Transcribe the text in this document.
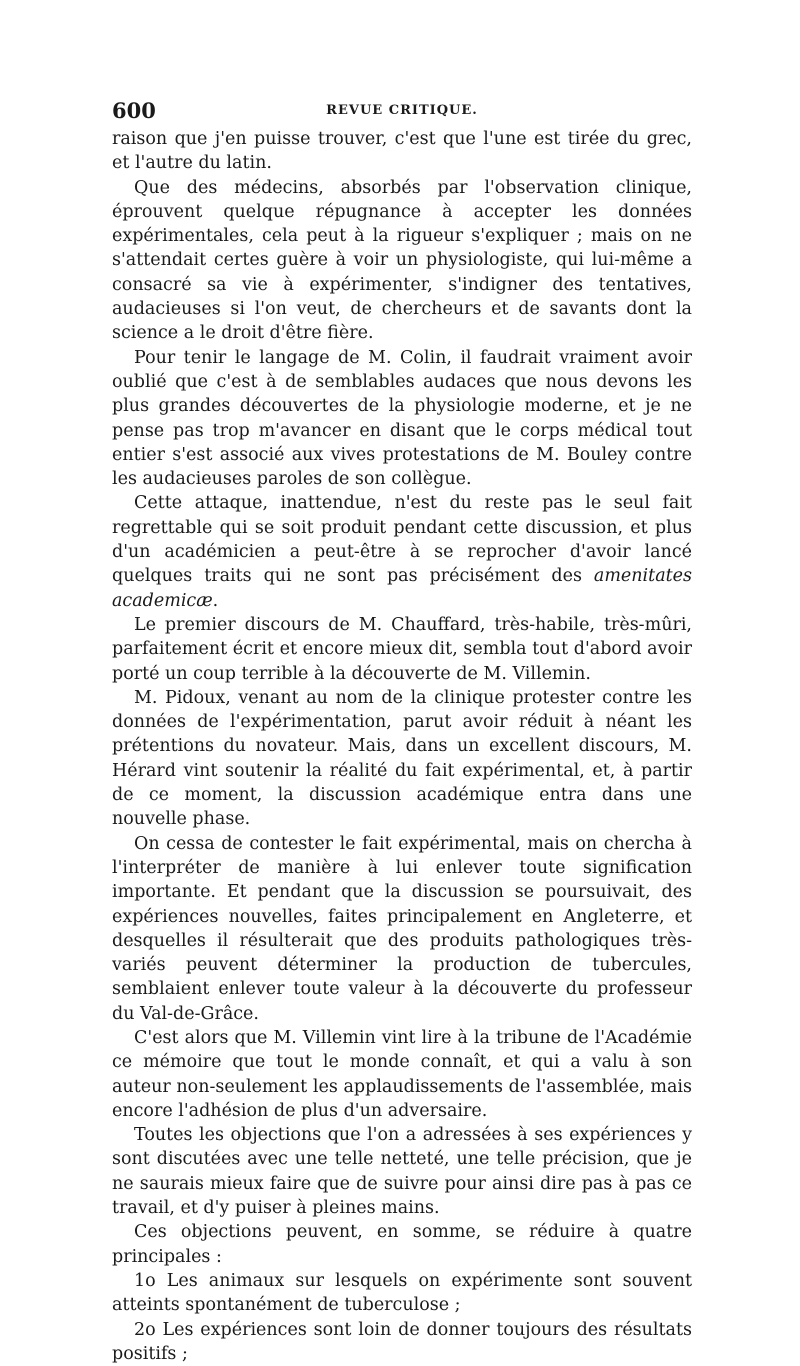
600	REVUE CRITIQUE.

raison que j'en puisse trouver, c'est que l'une est tirée du grec, et l'autre du latin.

Que des médecins, absorbés par l'observation clinique, éprouvent quelque répugnance à accepter les données expérimentales, cela peut à la rigueur s'expliquer ; mais on ne s'attendait certes guère à voir un physiologiste, qui lui-même a consacré sa vie à expérimenter, s'indigner des tentatives, audacieuses si l'on veut, de chercheurs et de savants dont la science a le droit d'être fière.

Pour tenir le langage de M. Colin, il faudrait vraiment avoir oublié que c'est à de semblables audaces que nous devons les plus grandes découvertes de la physiologie moderne, et je ne pense pas trop m'avancer en disant que le corps médical tout entier s'est associé aux vives protestations de M. Bouley contre les audacieuses paroles de son collègue.

Cette attaque, inattendue, n'est du reste pas le seul fait regrettable qui se soit produit pendant cette discussion, et plus d'un académicien a peut-être à se reprocher d'avoir lancé quelques traits qui ne sont pas précisément des amenitates academicæ.

Le premier discours de M. Chauffard, très-habile, très-mûri, parfaitement écrit et encore mieux dit, sembla tout d'abord avoir porté un coup terrible à la découverte de M. Villemin.

M. Pidoux, venant au nom de la clinique protester contre les données de l'expérimentation, parut avoir réduit à néant les prétentions du novateur. Mais, dans un excellent discours, M. Hérard vint soutenir la réalité du fait expérimental, et, à partir de ce moment, la discussion académique entra dans une nouvelle phase.

On cessa de contester le fait expérimental, mais on chercha à l'interpréter de manière à lui enlever toute signification importante. Et pendant que la discussion se poursuivait, des expériences nouvelles, faites principalement en Angleterre, et desquelles il résulterait que des produits pathologiques très-variés peuvent déterminer la production de tubercules, semblaient enlever toute valeur à la découverte du professeur du Val-de-Grâce.

C'est alors que M. Villemin vint lire à la tribune de l'Académie ce mémoire que tout le monde connaît, et qui a valu à son auteur non-seulement les applaudissements de l'assemblée, mais encore l'adhésion de plus d'un adversaire.

Toutes les objections que l'on a adressées à ses expériences y sont discutées avec une telle netteté, une telle précision, que je ne saurais mieux faire que de suivre pour ainsi dire pas à pas ce travail, et d'y puiser à pleines mains.

Ces objections peuvent, en somme, se réduire à quatre principales :

1o Les animaux sur lesquels on expérimente sont souvent atteints spontanément de tuberculose ;

2o Les expériences sont loin de donner toujours des résultats positifs ;
